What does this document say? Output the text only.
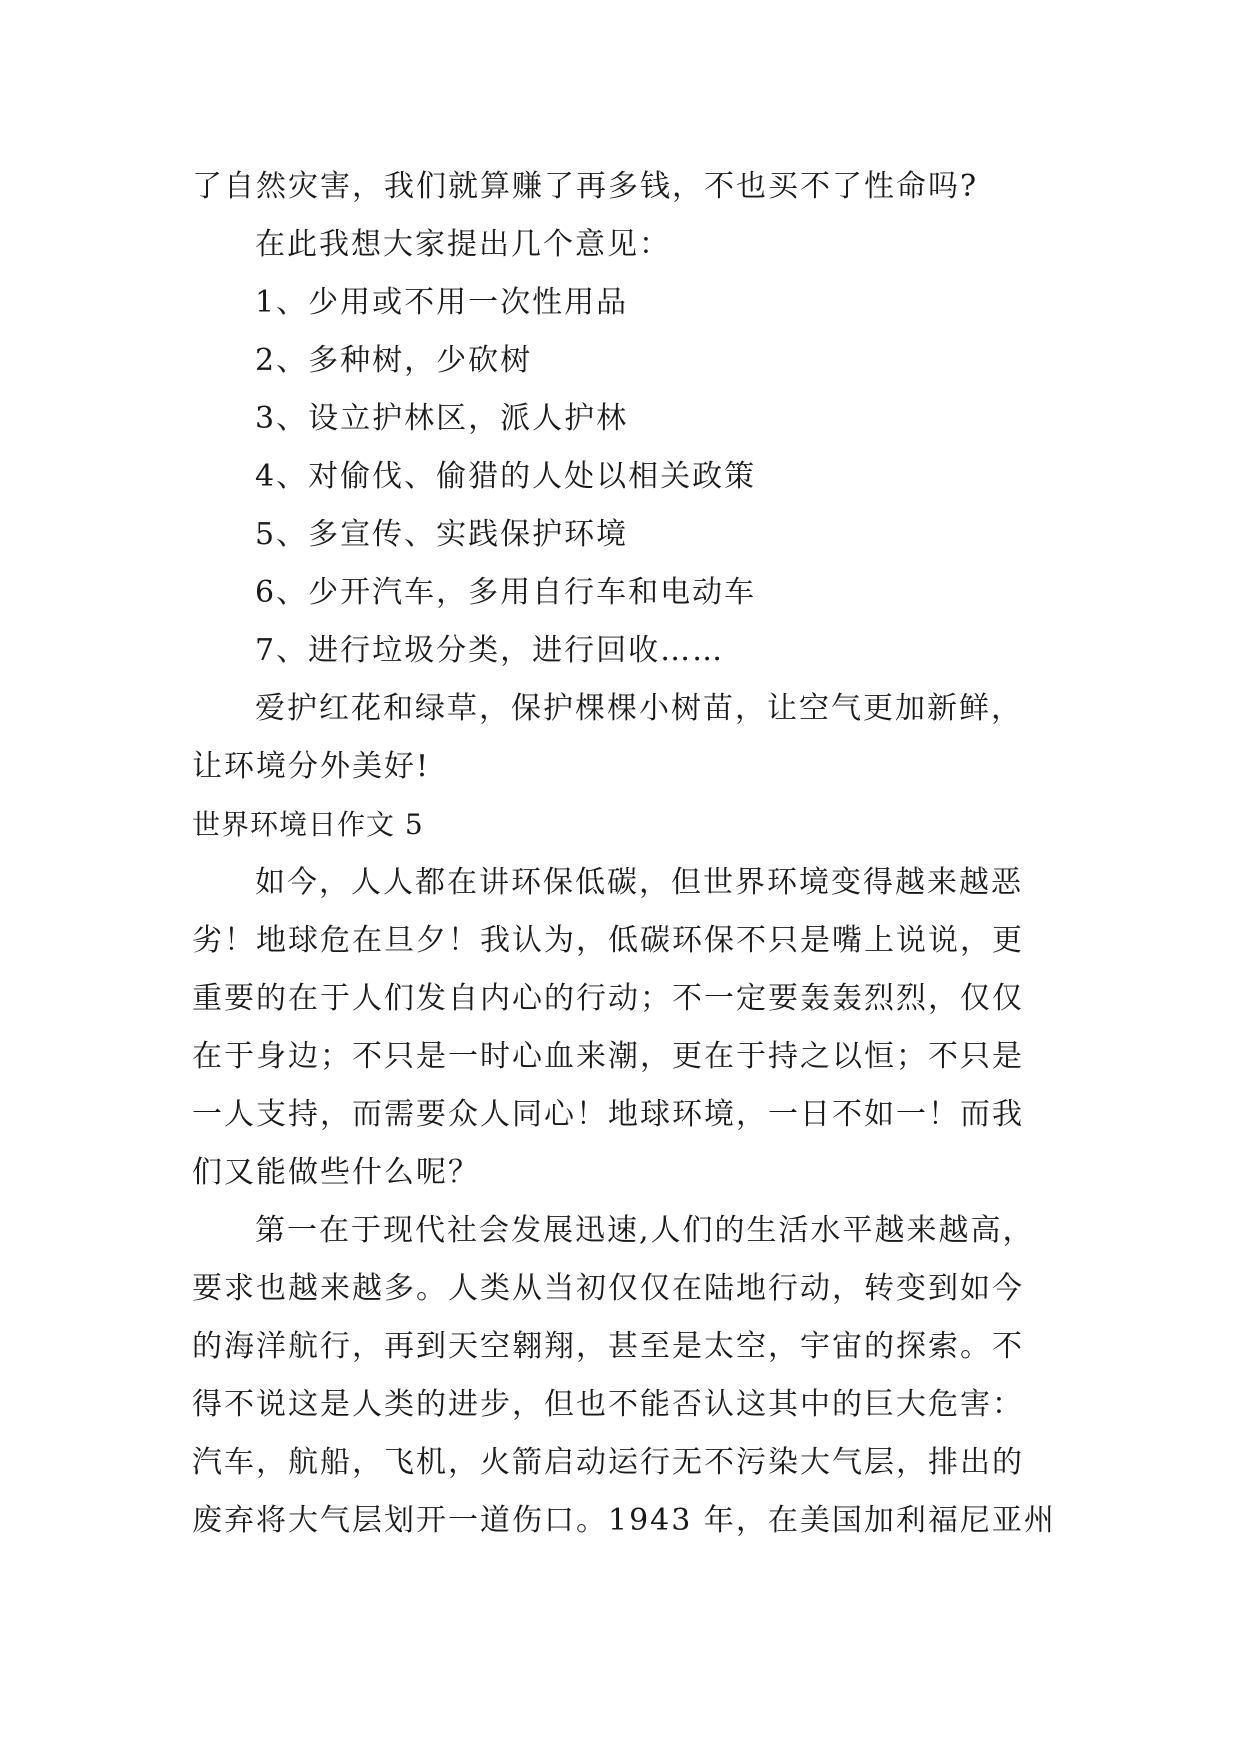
了自然灾害，我们就算赚了再多钱，不也买不了性命吗?
在此我想大家提出几个意见：
1、少用或不用一次性用品
2、多种树，少砍树
3、设立护林区，派人护林
4、对偷伐、偷猎的人处以相关政策
5、多宣传、实践保护环境
6、少开汽车，多用自行车和电动车
7、进行垃圾分类，进行回收……
爱护红花和绿草，保护棵棵小树苗，让空气更加新鲜，
让环境分外美好!
世界环境日作文 5
如今，人人都在讲环保低碳，但世界环境变得越来越恶
劣！地球危在旦夕！我认为，低碳环保不只是嘴上说说，更
重要的在于人们发自内心的行动；不一定要轰轰烈烈，仅仅
在于身边；不只是一时心血来潮，更在于持之以恒；不只是
一人支持，而需要众人同心！地球环境，一日不如一！而我
们又能做些什么呢？
第一在于现代社会发展迅速,人们的生活水平越来越高，
要求也越来越多。人类从当初仅仅在陆地行动，转变到如今
的海洋航行，再到天空翱翔，甚至是太空，宇宙的探索。不
得不说这是人类的进步，但也不能否认这其中的巨大危害：
汽车，航船，飞机，火箭启动运行无不污染大气层，排出的
废弃将大气层划开一道伤口。1943 年，在美国加利福尼亚州
